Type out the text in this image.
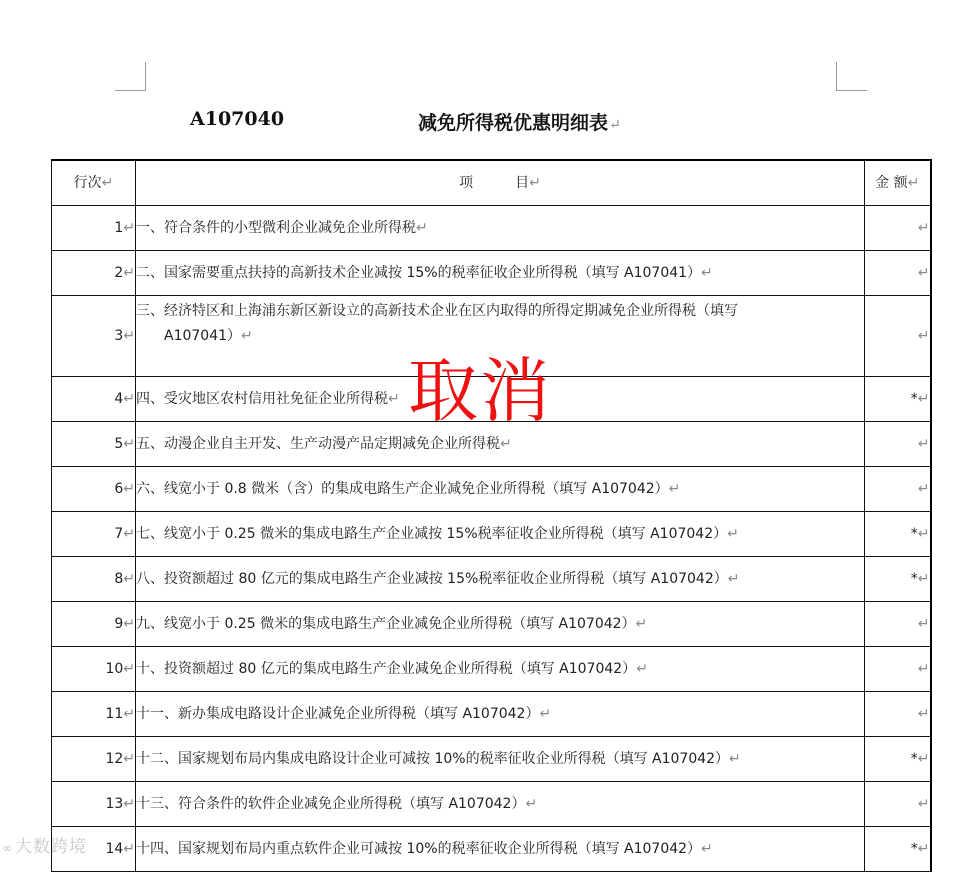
A107040	减免所得税优惠明细表↵
行次↵	项　　　目↵	金 额↵
1↵	一、符合条件的小型微利企业减免企业所得税↵	↵
2↵	二、国家需要重点扶持的高新技术企业减按 15%的税率征收企业所得税（填写 A107041）↵	↵
3↵	三、经济特区和上海浦东新区新设立的高新技术企业在区内取得的所得定期减免企业所得税（填写
A107041）↵	↵
4↵	四、受灾地区农村信用社免征企业所得税↵	*↵
5↵	五、动漫企业自主开发、生产动漫产品定期减免企业所得税↵	↵
6↵	六、线宽小于 0.8 微米（含）的集成电路生产企业减免企业所得税（填写 A107042）↵	↵
7↵	七、线宽小于 0.25 微米的集成电路生产企业减按 15%税率征收企业所得税（填写 A107042）↵	*↵
8↵	八、投资额超过 80 亿元的集成电路生产企业减按 15%税率征收企业所得税（填写 A107042）↵	*↵
9↵	九、线宽小于 0.25 微米的集成电路生产企业减免企业所得税（填写 A107042）↵	↵
10↵	十、投资额超过 80 亿元的集成电路生产企业减免企业所得税（填写 A107042）↵	↵
11↵	十一、新办集成电路设计企业减免企业所得税（填写 A107042）↵	↵
12↵	十二、国家规划布局内集成电路设计企业可减按 10%的税率征收企业所得税（填写 A107042）↵	*↵
13↵	十三、符合条件的软件企业减免企业所得税（填写 A107042）↵	↵
14↵	十四、国家规划布局内重点软件企业可减按 10%的税率征收企业所得税（填写 A107042）↵	*↵
取消
∞ 大数跨境
